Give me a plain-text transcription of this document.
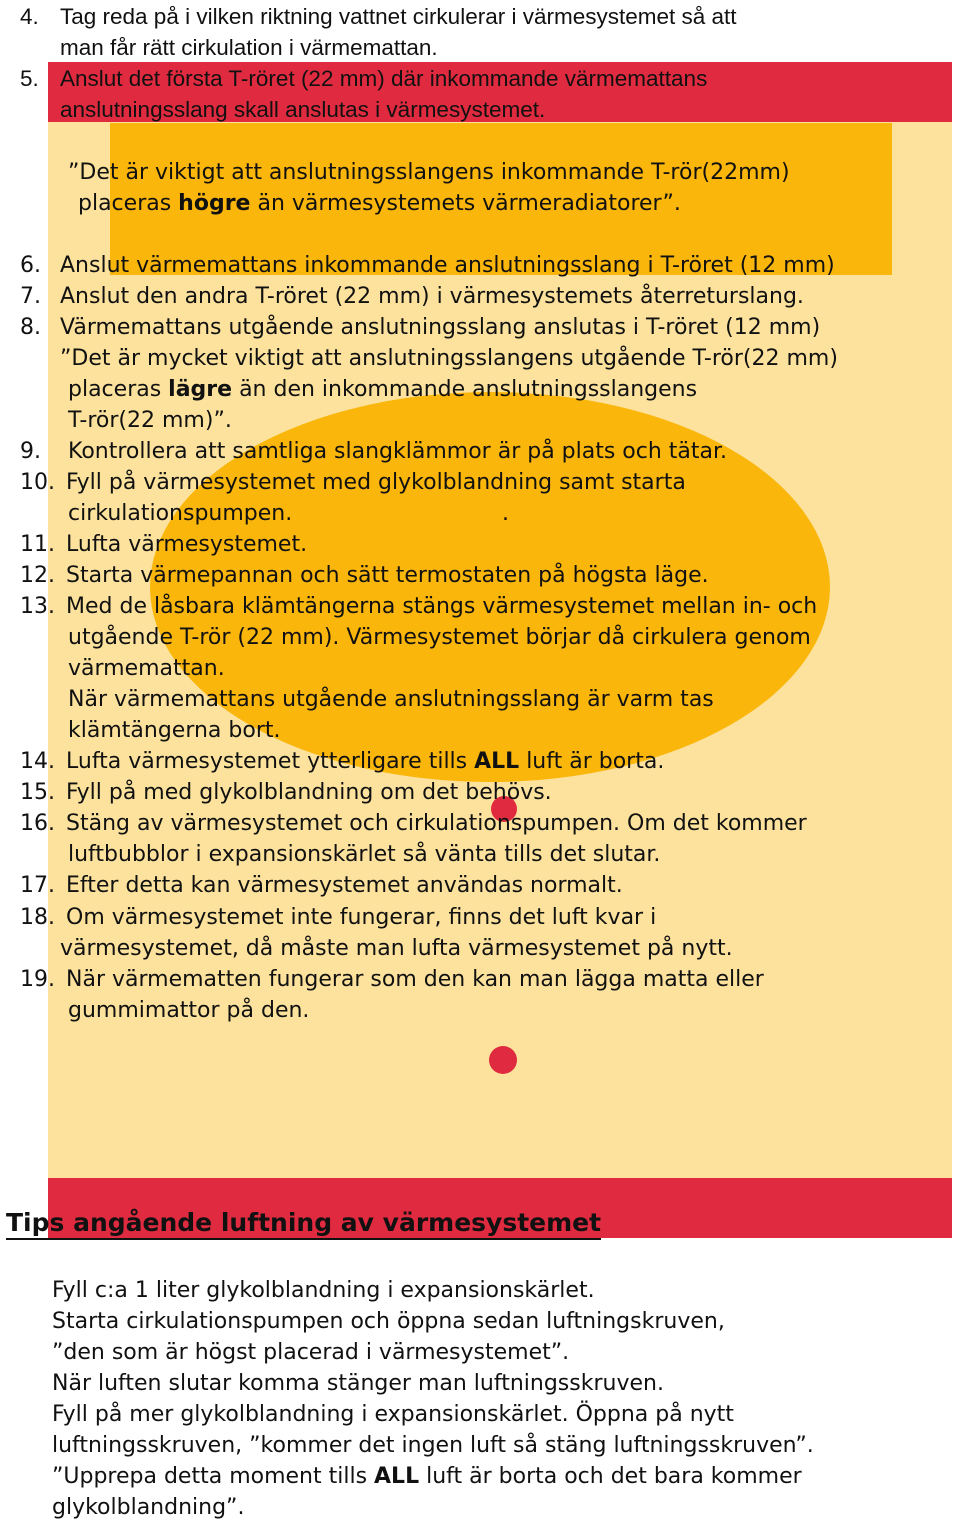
4. Tag reda på i vilken riktning vattnet cirkulerar i värmesystemet så att
man får rätt cirkulation i värmemattan.
5. Anslut det första T-röret (22 mm) där inkommande värmemattans
anslutningsslang skall anslutas i värmesystemet.
”Det är viktigt att anslutningsslangens inkommande T-rör(22mm)
placeras högre än värmesystemets värmeradiatorer”.
6. Anslut värmemattans inkommande anslutningsslang i T-röret (12 mm)
7. Anslut den andra T-röret (22 mm) i värmesystemets återreturslang.
8. Värmemattans utgående anslutningsslang anslutas i T-röret (12 mm)
”Det är mycket viktigt att anslutningsslangens utgående T-rör(22 mm)
placeras lägre än den inkommande anslutningsslangens
T-rör(22 mm)”.
9. Kontrollera att samtliga slangklämmor är på plats och tätar.
10. Fyll på värmesystemet med glykolblandning samt starta
cirkulationspumpen.                              .
11. Lufta värmesystemet.
12. Starta värmepannan och sätt termostaten på högsta läge.
13. Med de låsbara klämtängerna stängs värmesystemet mellan in- och
utgående T-rör (22 mm). Värmesystemet börjar då cirkulera genom
värmemattan.
När värmemattans utgående anslutningsslang är varm tas
klämtängerna bort.
14. Lufta värmesystemet ytterligare tills ALL luft är borta.
15. Fyll på med glykolblandning om det behövs.
16. Stäng av värmesystemet och cirkulationspumpen. Om det kommer
luftbubblor i expansionskärlet så vänta tills det slutar.
17. Efter detta kan värmesystemet användas normalt.
18. Om värmesystemet inte fungerar, finns det luft kvar i
värmesystemet, då måste man lufta värmesystemet på nytt.
19. När värmematten fungerar som den kan man lägga matta eller
gummimattor på den.
Tips angående luftning av värmesystemet
Fyll c:a 1 liter glykolblandning i expansionskärlet.
Starta cirkulationspumpen och öppna sedan luftningskruven,
”den som är högst placerad i värmesystemet”.
När luften slutar komma stänger man luftningsskruven.
Fyll på mer glykolblandning i expansionskärlet. Öppna på nytt
luftningsskruven, ”kommer det ingen luft så stäng luftningsskruven”.
”Upprepa detta moment tills ALL luft är borta och det bara kommer
glykolblandning”.
